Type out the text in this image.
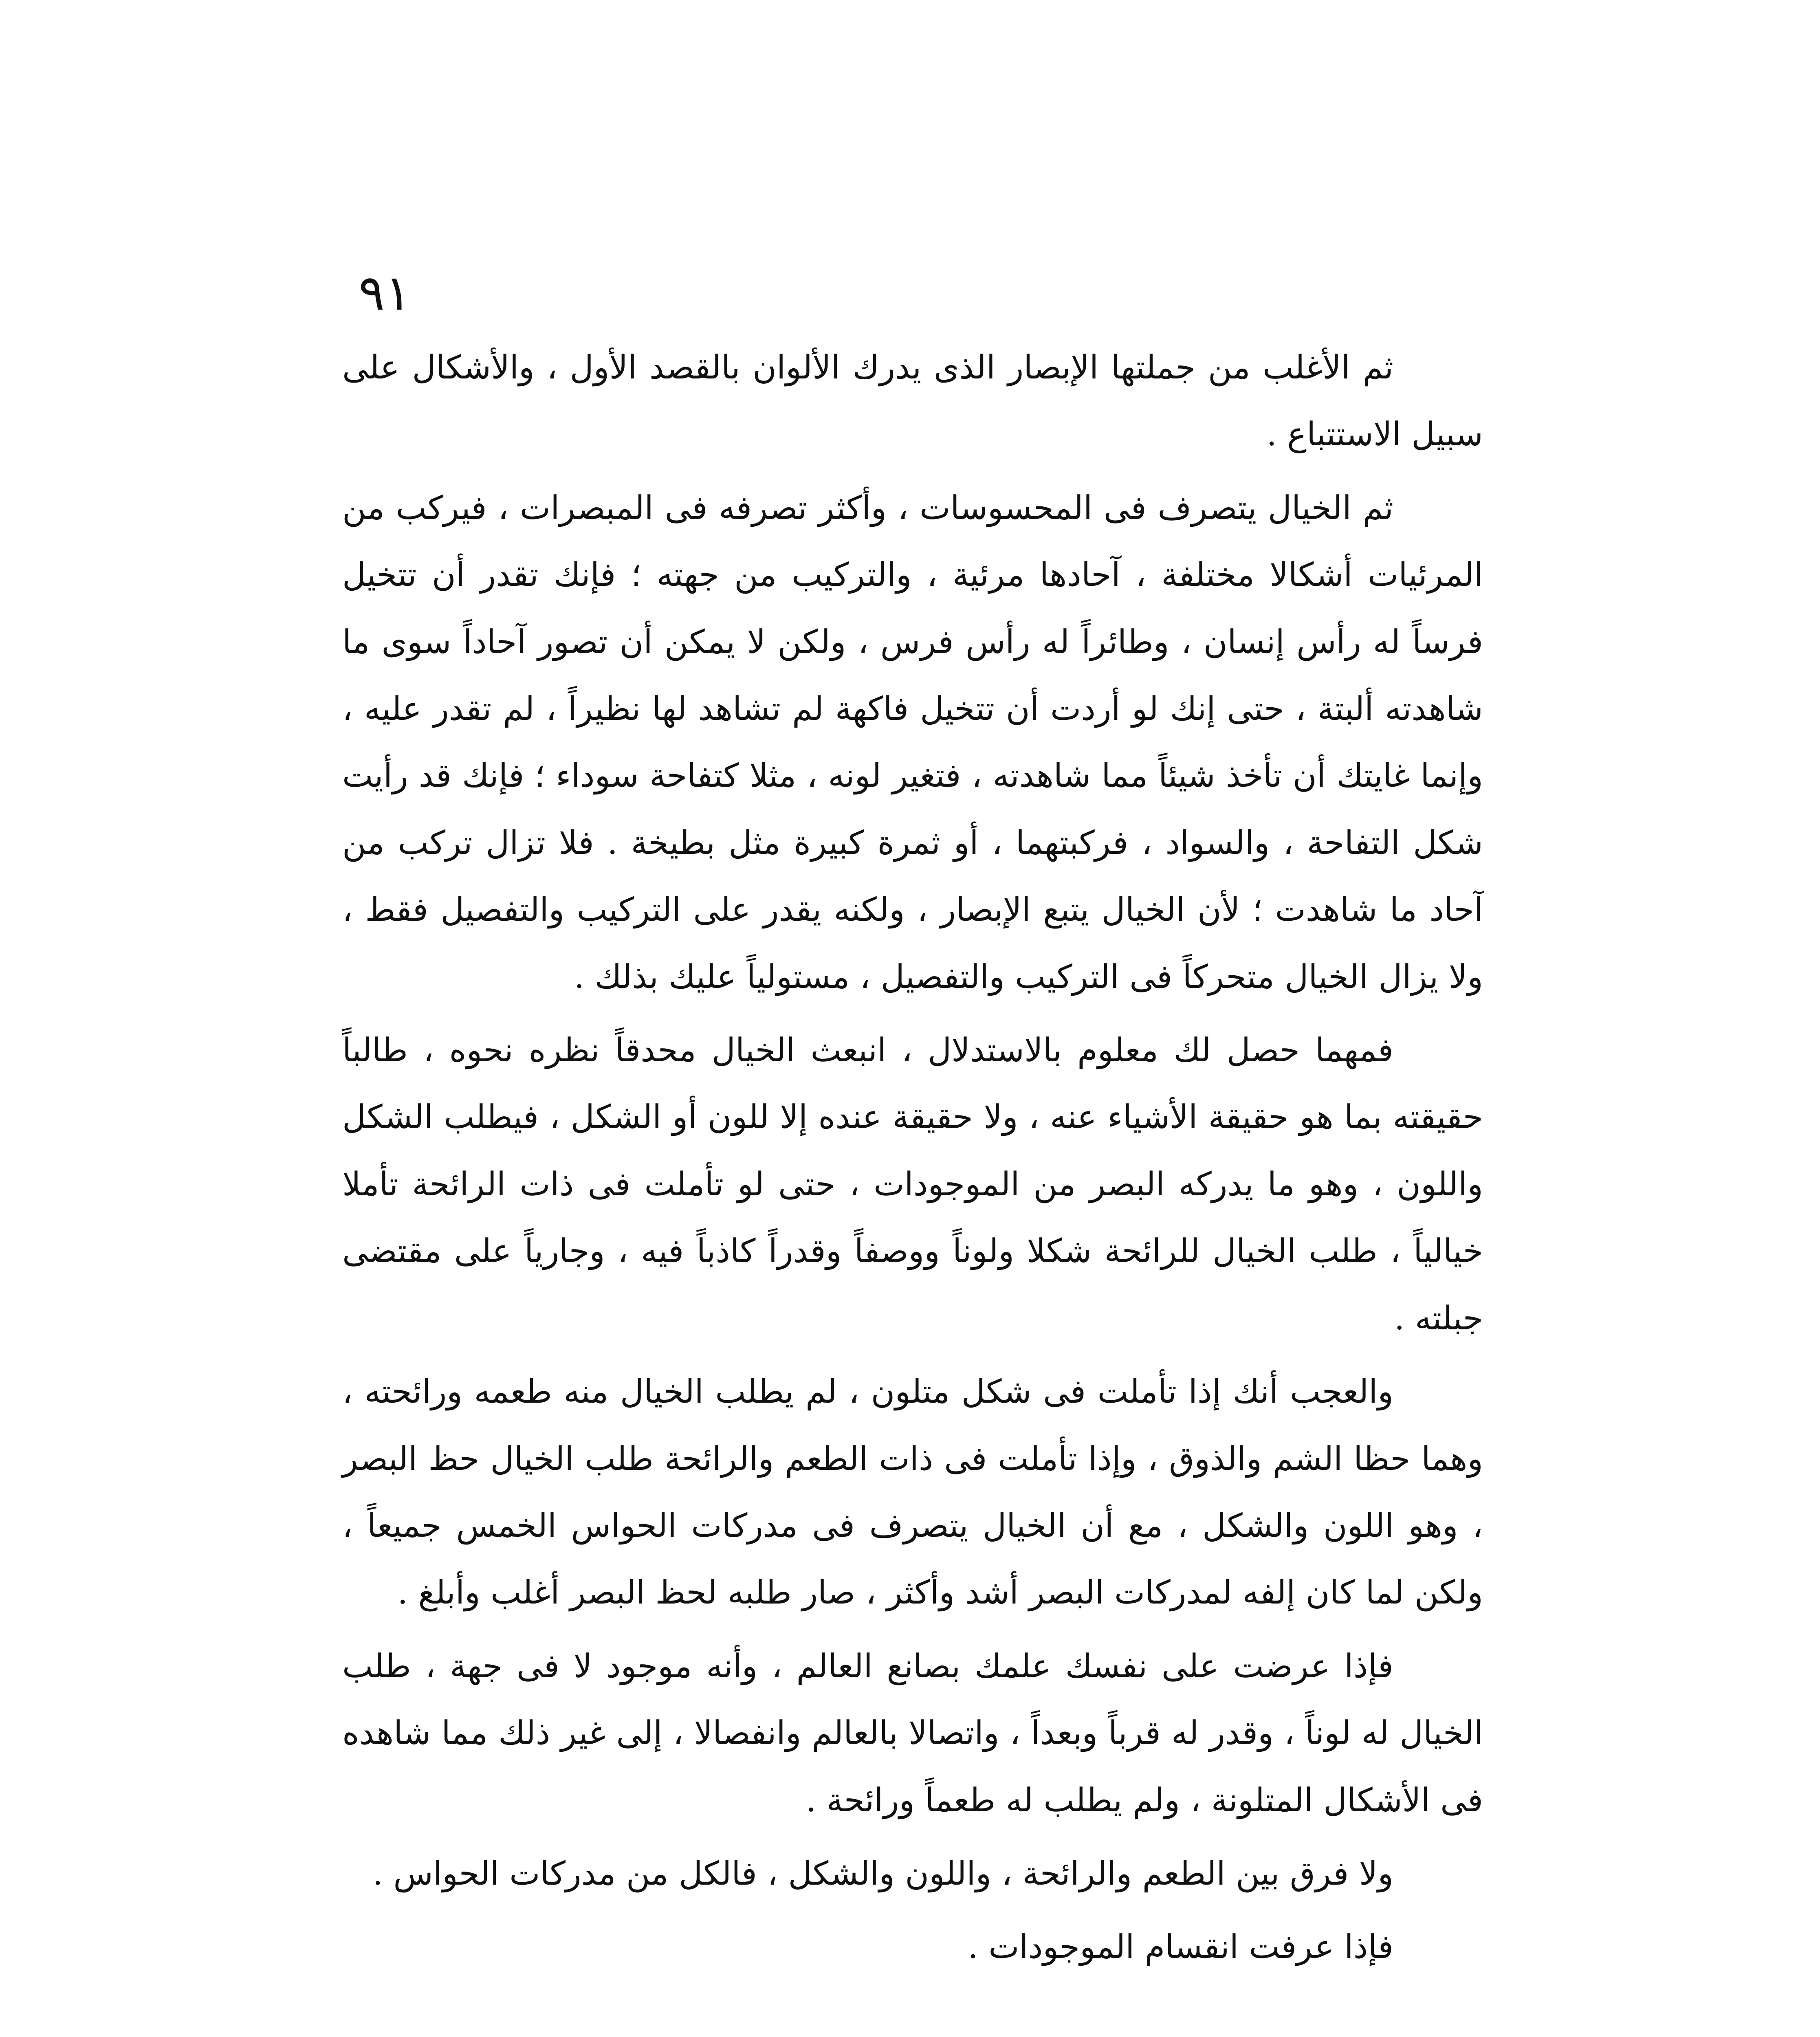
٩١

ثم الأغلب من جملتها الإبصار الذى يدرك الألوان بالقصد الأول ، والأشكال على سبيل الاستتباع .

ثم الخيال يتصرف فى المحسوسات ، وأكثر تصرفه فى المبصرات ، فيركب من المرئيات أشكالا مختلفة ، آحادها مرئية ، والتركيب من جهته ؛ فإنك تقدر أن تتخيل فرساً له رأس إنسان ، وطائراً له رأس فرس ، ولكن لا يمكن أن تصور آحاداً سوى ما شاهدته ألبتة ، حتى إنك لو أردت أن تتخيل فاكهة لم تشاهد لها نظيراً ، لم تقدر عليه ، وإنما غايتك أن تأخذ شيئاً مما شاهدته ، فتغير لونه ، مثلا كتفاحة سوداء ؛ فإنك قد رأيت شكل التفاحة ، والسواد ، فركبتهما ، أو ثمرة كبيرة مثل بطيخة . فلا تزال تركب من آحاد ما شاهدت ؛ لأن الخيال يتبع الإبصار ، ولكنه يقدر على التركيب والتفصيل فقط ، ولا يزال الخيال متحركاً فى التركيب والتفصيل ، مستولياً عليك بذلك .

فمهما حصل لك معلوم بالاستدلال ، انبعث الخيال محدقاً نظره نحوه ، طالباً حقيقته بما هو حقيقة الأشياء عنه ، ولا حقيقة عنده إلا للون أو الشكل ، فيطلب الشكل واللون ، وهو ما يدركه البصر من الموجودات ، حتى لو تأملت فى ذات الرائحة تأملا خيالياً ، طلب الخيال للرائحة شكلا ولوناً ووصفاً وقدراً كاذباً فيه ، وجارياً على مقتضى جبلته .

والعجب أنك إذا تأملت فى شكل متلون ، لم يطلب الخيال منه طعمه ورائحته ، وهما حظا الشم والذوق ، وإذا تأملت فى ذات الطعم والرائحة طلب الخيال حظ البصر ، وهو اللون والشكل ، مع أن الخيال يتصرف فى مدركات الحواس الخمس جميعاً ، ولكن لما كان إلفه لمدركات البصر أشد وأكثر ، صار طلبه لحظ البصر أغلب وأبلغ .

فإذا عرضت على نفسك علمك بصانع العالم ، وأنه موجود لا فى جهة ، طلب الخيال له لوناً ، وقدر له قرباً وبعداً ، واتصالا بالعالم وانفصالا ، إلى غير ذلك مما شاهده فى الأشكال المتلونة ، ولم يطلب له طعماً ورائحة .

ولا فرق بين الطعم والرائحة ، واللون والشكل ، فالكل من مدركات الحواس .

فإذا عرفت انقسام الموجودات .
